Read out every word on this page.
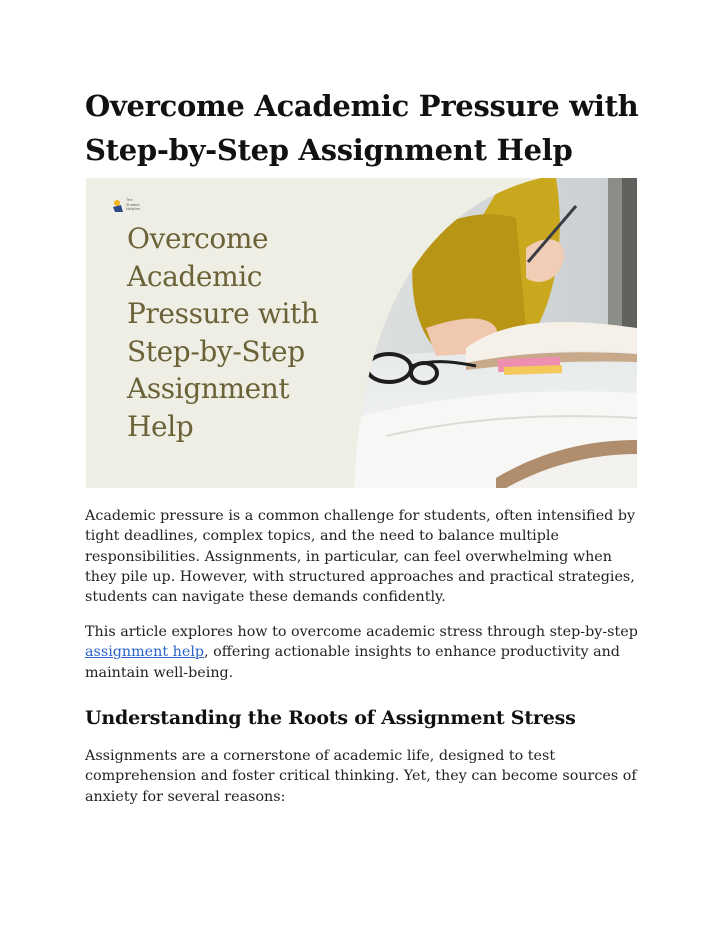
Overcome Academic Pressure with Step-by-Step Assignment Help
The
Student
Helpline

Overcome
Academic
Pressure with
Step-by-Step
Assignment
Help

Academic pressure is a common challenge for students, often intensified by tight deadlines, complex topics, and the need to balance multiple responsibilities. Assignments, in particular, can feel overwhelming when they pile up. However, with structured approaches and practical strategies, students can navigate these demands confidently.

This article explores how to overcome academic stress through step-by-step assignment help, offering actionable insights to enhance productivity and maintain well-being.

Understanding the Roots of Assignment Stress

Assignments are a cornerstone of academic life, designed to test comprehension and foster critical thinking. Yet, they can become sources of anxiety for several reasons:
